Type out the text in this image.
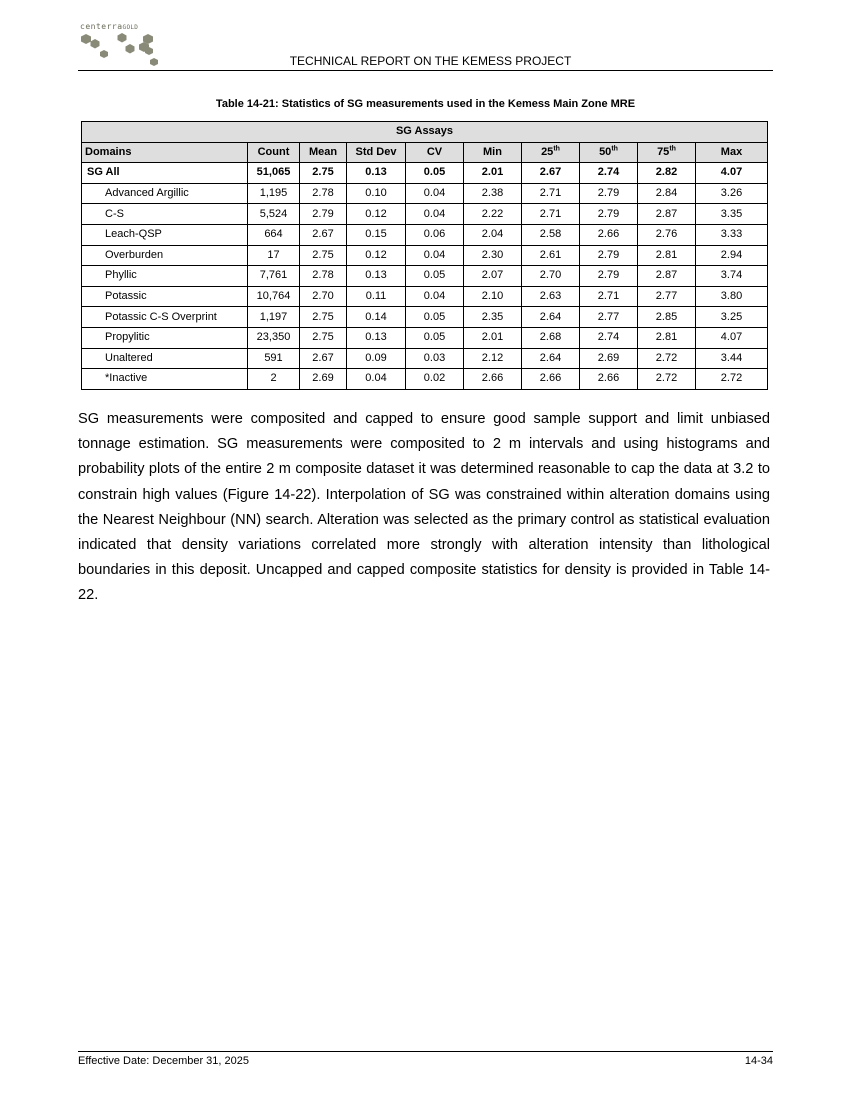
centerraGOLD
TECHNICAL REPORT ON THE KEMESS PROJECT
Table 14-21: Statistìcs of SG measurements used in the Kemess Main Zone MRE
SG Assays									
Domains	Count	Mean	Std Dev	CV	Min	25th	50th	75th	Max
SG All	51,065	2.75	0.13	0.05	2.01	2.67	2.74	2.82	4.07
Advanced Argillic	1,195	2.78	0.10	0.04	2.38	2.71	2.79	2.84	3.26
C-S	5,524	2.79	0.12	0.04	2.22	2.71	2.79	2.87	3.35
Leach-QSP	664	2.67	0.15	0.06	2.04	2.58	2.66	2.76	3.33
Overburden	17	2.75	0.12	0.04	2.30	2.61	2.79	2.81	2.94
Phyllic	7,761	2.78	0.13	0.05	2.07	2.70	2.79	2.87	3.74
Potassic	10,764	2.70	0.11	0.04	2.10	2.63	2.71	2.77	3.80
Potassic C-S Overprint	1,197	2.75	0.14	0.05	2.35	2.64	2.77	2.85	3.25
Propylitic	23,350	2.75	0.13	0.05	2.01	2.68	2.74	2.81	4.07
Unaltered	591	2.67	0.09	0.03	2.12	2.64	2.69	2.72	3.44
*Inactive	2	2.69	0.04	0.02	2.66	2.66	2.66	2.72	2.72
SG measurements were composited and capped to ensure good sample support and limit unbiased tonnage estimation. SG measurements were composited to 2 m intervals and using histograms and probability plots of the entire 2 m composite dataset it was determined reasonable to cap the data at 3.2 to constrain high values (Figure 14-22). Interpolation of SG was constrained within alteration domains using the Nearest Neighbour (NN) search. Alteration was selected as the primary control as statistical evaluation indicated that density variations correlated more strongly with alteration intensity than lithological boundaries in this deposit. Uncapped and capped composite statistics for density is provided in Table 14-22.
Effective Date: December 31, 2025	14-34
